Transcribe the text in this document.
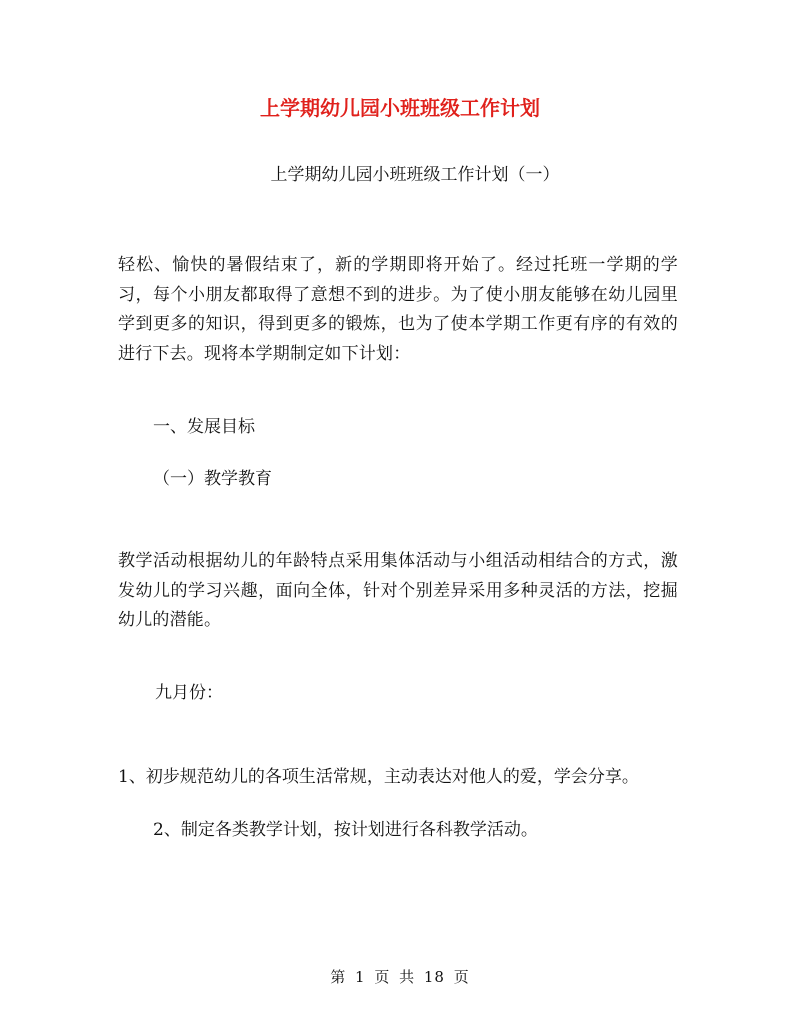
上学期幼儿园小班班级工作计划
上学期幼儿园小班班级工作计划（一）
轻松、愉快的暑假结束了，新的学期即将开始了。经过托班一学期的学习，每个小朋友都取得了意想不到的进步。为了使小朋友能够在幼儿园里学到更多的知识，得到更多的锻炼，也为了使本学期工作更有序的有效的进行下去。现将本学期制定如下计划：
一、发展目标
（一）教学教育
教学活动根据幼儿的年龄特点采用集体活动与小组活动相结合的方式，激发幼儿的学习兴趣，面向全体，针对个别差异采用多种灵活的方法，挖掘幼儿的潜能。
九月份：
1、初步规范幼儿的各项生活常规，主动表达对他人的爱，学会分享。
2、制定各类教学计划，按计划进行各科教学活动。
第 1 页 共 18 页
